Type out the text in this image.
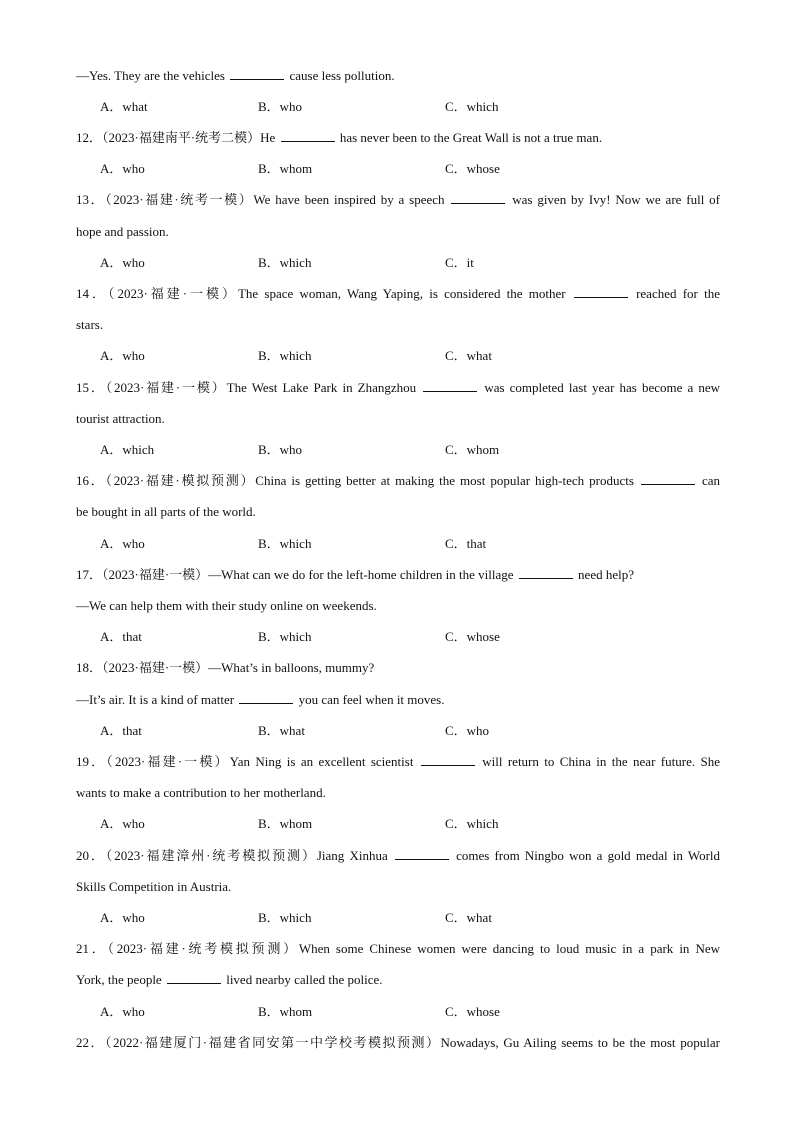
—Yes. They are the vehicles	cause less pollution.
A．what	B．who	C．which
12．（2023·福建南平·统考二模）He	has never been to the Great Wall is not a true man.
A．who	B．whom	C．whose
13．（2023·福建·统考一模）We have been inspired by a speech	was given by Ivy! Now we are full of
hope and passion.
A．who	B．which	C．it
14．（2023·福建·一模）The space woman, Wang Yaping, is considered the mother	reached for the
stars.
A．who	B．which	C．what
15．（2023·福建·一模）The West Lake Park in Zhangzhou	was completed last year has become a new
tourist attraction.
A．which	B．who	C．whom
16．（2023·福建·模拟预测）China is getting better at making the most popular high-tech products	can
be bought in all parts of the world.
A．who	B．which	C．that
17．（2023·福建·一模）—What can we do for the left-home children in the village	need help?
—We can help them with their study online on weekends.
A．that	B．which	C．whose
18．（2023·福建·一模）—What’s in balloons, mummy?
—It’s air. It is a kind of matter	you can feel when it moves.
A．that	B．what	C．who
19．（2023·福建·一模）Yan Ning is an excellent scientist	will return to China in the near future. She
wants to make a contribution to her motherland.
A．who	B．whom	C．which
20．（2023·福建漳州·统考模拟预测）Jiang Xinhua	comes from Ningbo won a gold medal in World
Skills Competition in Austria.
A．who	B．which	C．what
21．（2023·福建·统考模拟预测）When some Chinese women were dancing to loud music in a park in New
York, the people	lived nearby called the police.
A．who	B．whom	C．whose
22．（2022·福建厦门·福建省同安第一中学校考模拟预测）Nowadays, Gu Ailing seems to be the most popular
